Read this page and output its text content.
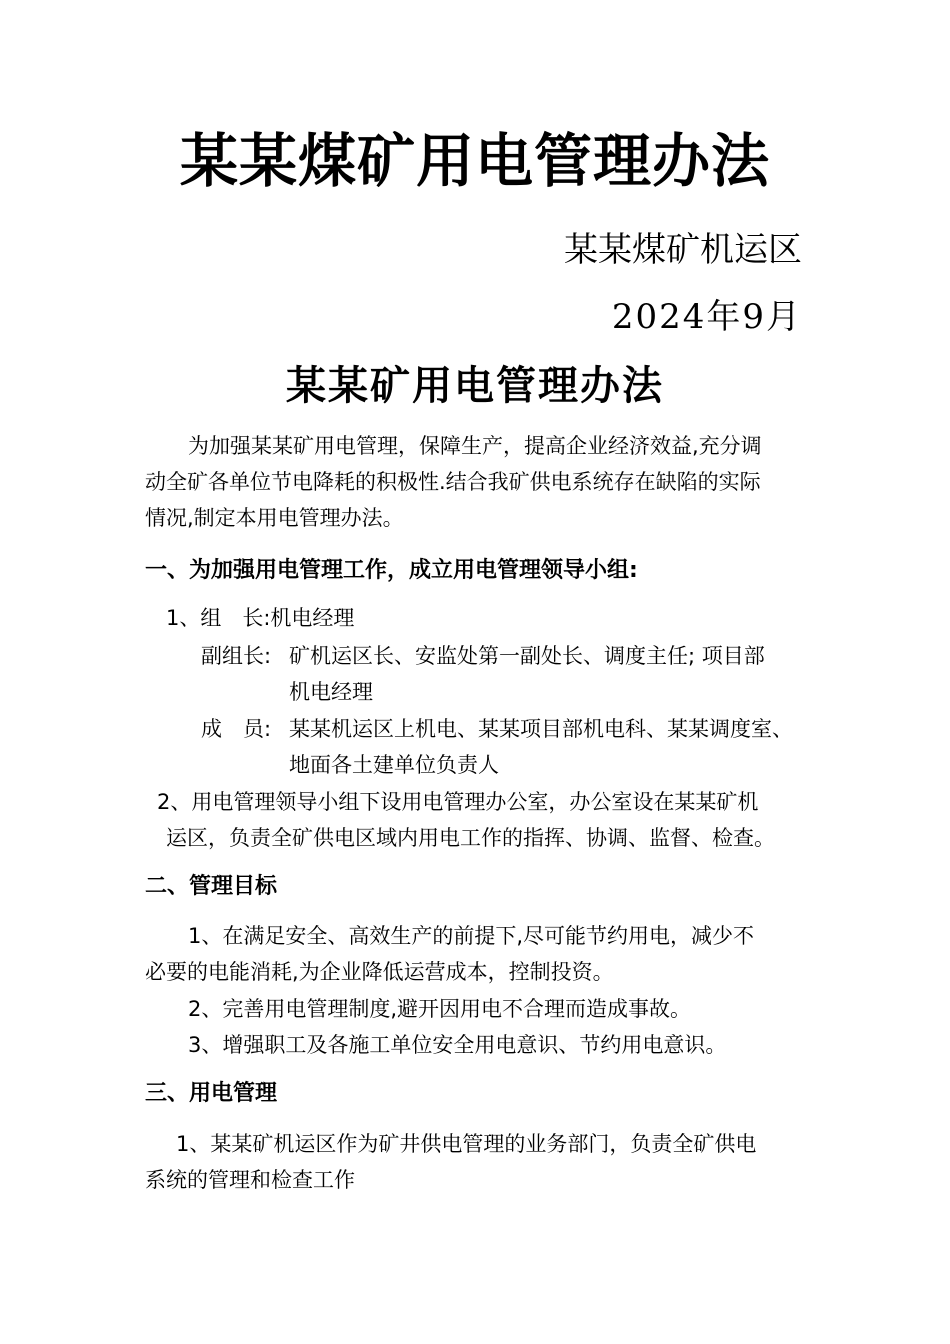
某某煤矿用电管理办法
某某煤矿机运区
2024年9月
某某矿用电管理办法
为加强某某矿用电管理，保障生产，提高企业经济效益,充分调
动全矿各单位节电降耗的积极性.结合我矿供电系统存在缺陷的实际
情况,制定本用电管理办法。
一、为加强用电管理工作，成立用电管理领导小组:
1、组　长:机电经理
副组长: 矿机运区长、安监处第一副处长、调度主任; 项目部
机电经理
成　员: 某某机运区上机电、某某项目部机电科、某某调度室、
地面各土建单位负责人
2、用电管理领导小组下设用电管理办公室，办公室设在某某矿机
运区，负责全矿供电区域内用电工作的指挥、协调、监督、检查。
二、管理目标
1、在满足安全、高效生产的前提下,尽可能节约用电，减少不
必要的电能消耗,为企业降低运营成本，控制投资。
2、完善用电管理制度,避开因用电不合理而造成事故。
3、增强职工及各施工单位安全用电意识、节约用电意识。
三、用电管理
1、某某矿机运区作为矿井供电管理的业务部门，负责全矿供电
系统的管理和检查工作
